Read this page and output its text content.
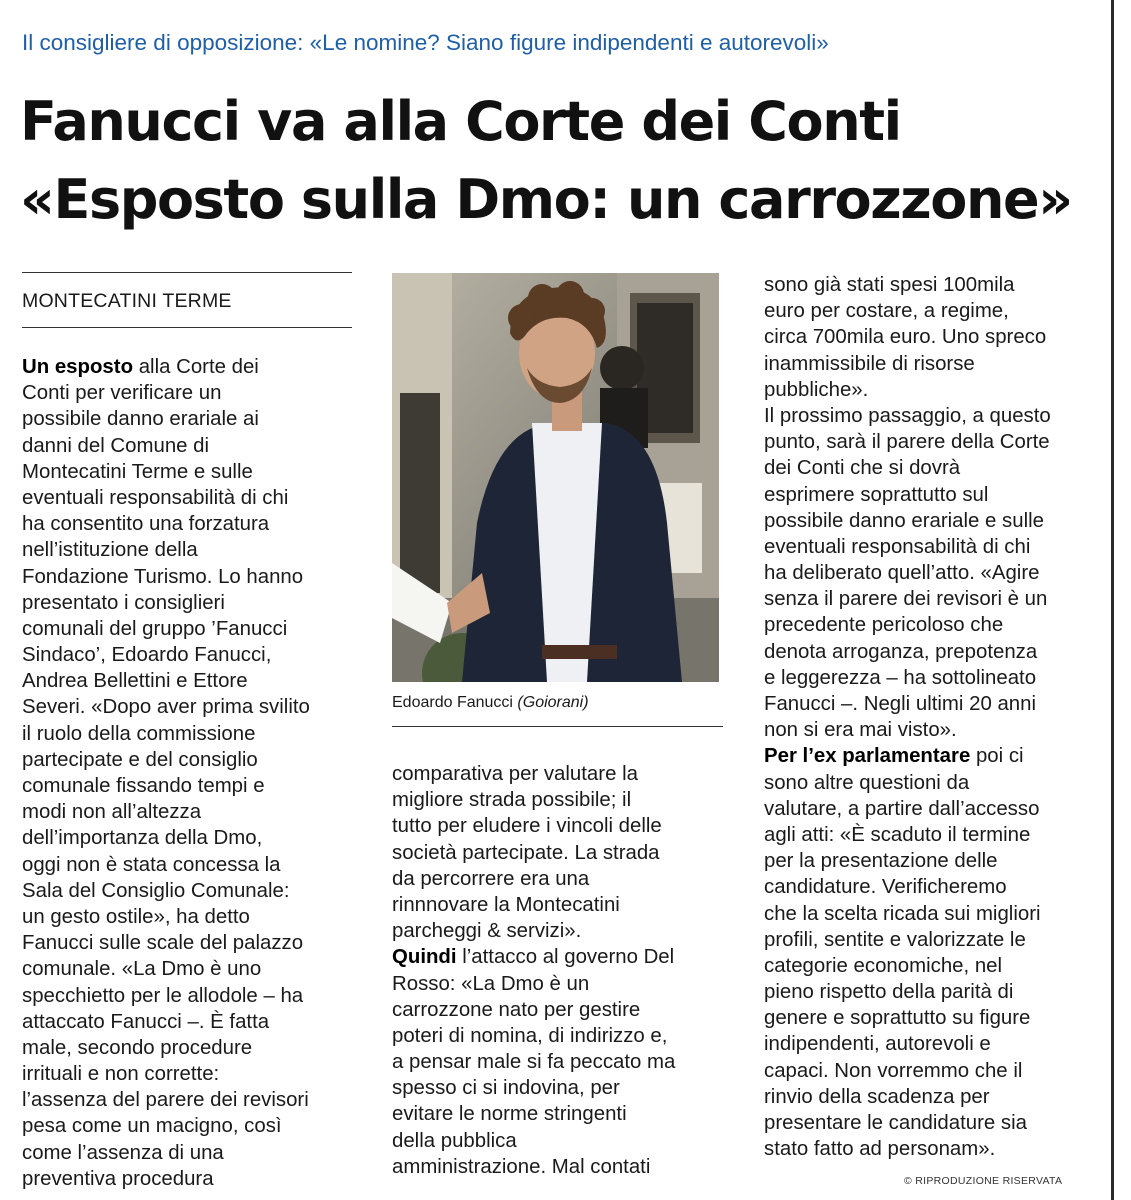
Il consigliere di opposizione: «Le nomine? Siano figure indipendenti e autorevoli»
Fanucci va alla Corte dei Conti
«Esposto sulla Dmo: un carrozzone»
MONTECATINI TERME
Un esposto alla Corte dei
Conti per verificare un
possibile danno erariale ai
danni del Comune di
Montecatini Terme e sulle
eventuali responsabilità di chi
ha consentito una forzatura
nell’istituzione della
Fondazione Turismo. Lo hanno
presentato i consiglieri
comunali del gruppo ’Fanucci
Sindaco’, Edoardo Fanucci,
Andrea Bellettini e Ettore
Severi. «Dopo aver prima svilito
il ruolo della commissione
partecipate e del consiglio
comunale fissando tempi e
modi non all’altezza
dell’importanza della Dmo,
oggi non è stata concessa la
Sala del Consiglio Comunale:
un gesto ostile», ha detto
Fanucci sulle scale del palazzo
comunale. «La Dmo è uno
specchietto per le allodole – ha
attaccato Fanucci –. È fatta
male, secondo procedure
irrituali e non corrette:
l’assenza del parere dei revisori
pesa come un macigno, così
come l’assenza di una
preventiva procedura
Edoardo Fanucci (Goiorani)
comparativa per valutare la
migliore strada possibile; il
tutto per eludere i vincoli delle
società partecipate. La strada
da percorrere era una
rinnnovare la Montecatini
parcheggi & servizi».
Quindi l’attacco al governo Del
Rosso: «La Dmo è un
carrozzone nato per gestire
poteri di nomina, di indirizzo e,
a pensar male si fa peccato ma
spesso ci si indovina, per
evitare le norme stringenti
della pubblica
amministrazione. Mal contati
sono già stati spesi 100mila
euro per costare, a regime,
circa 700mila euro. Uno spreco
inammissibile di risorse
pubbliche».
Il prossimo passaggio, a questo
punto, sarà il parere della Corte
dei Conti che si dovrà
esprimere soprattutto sul
possibile danno erariale e sulle
eventuali responsabilità di chi
ha deliberato quell’atto. «Agire
senza il parere dei revisori è un
precedente pericoloso che
denota arroganza, prepotenza
e leggerezza – ha sottolineato
Fanucci –. Negli ultimi 20 anni
non si era mai visto».
Per l’ex parlamentare poi ci
sono altre questioni da
valutare, a partire dall’accesso
agli atti: «È scaduto il termine
per la presentazione delle
candidature. Verificheremo
che la scelta ricada sui migliori
profili, sentite e valorizzate le
categorie economiche, nel
pieno rispetto della parità di
genere e soprattutto su figure
indipendenti, autorevoli e
capaci. Non vorremmo che il
rinvio della scadenza per
presentare le candidature sia
stato fatto ad personam».
© RIPRODUZIONE RISERVATA
